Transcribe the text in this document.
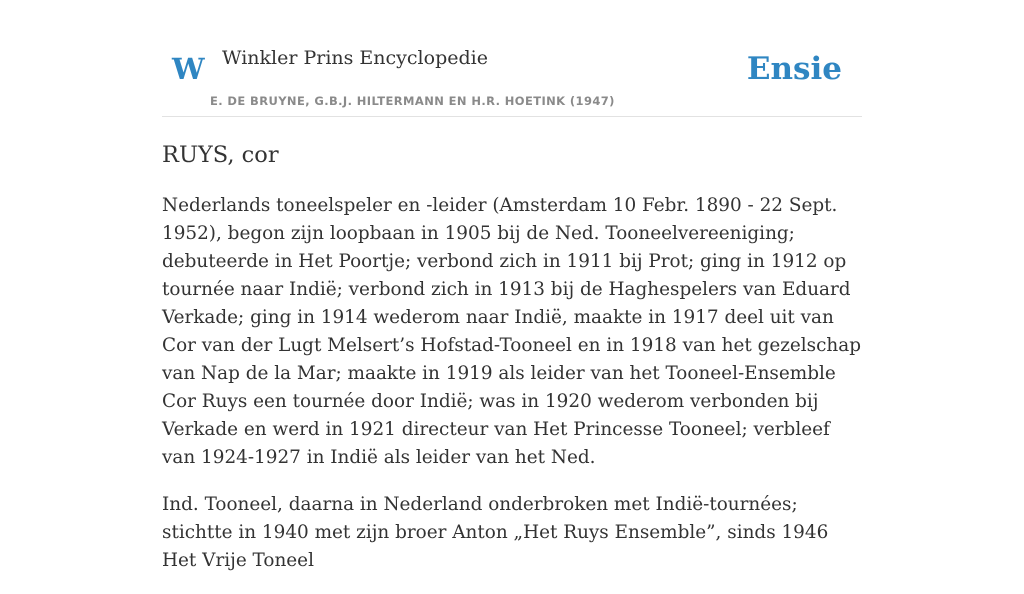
W Winkler Prins Encyclopedie
E. DE BRUYNE, G.B.J. HILTERMANN EN H.R. HOETINK (1947)
Ensie
RUYS, cor

Nederlands toneelspeler en -leider (Amsterdam 10 Febr. 1890 - 22 Sept. 1952), begon zijn loopbaan in 1905 bij de Ned. Tooneelvereeniging; debuteerde in Het Poortje; verbond zich in 1911 bij Prot; ging in 1912 op tournée naar Indië; verbond zich in 1913 bij de Haghespelers van Eduard Verkade; ging in 1914 wederom naar Indië, maakte in 1917 deel uit van Cor van der Lugt Melsert’s Hofstad-Tooneel en in 1918 van het gezelschap van Nap de la Mar; maakte in 1919 als leider van het Tooneel-Ensemble Cor Ruys een tournée door Indië; was in 1920 wederom verbonden bij Verkade en werd in 1921 directeur van Het Princesse Tooneel; verbleef van 1924-1927 in Indië als leider van het Ned.

Ind. Tooneel, daarna in Nederland onderbroken met Indië-tournées; stichtte in 1940 met zijn broer Anton „Het Ruys Ensemble”, sinds 1946 Het Vrije Toneel
